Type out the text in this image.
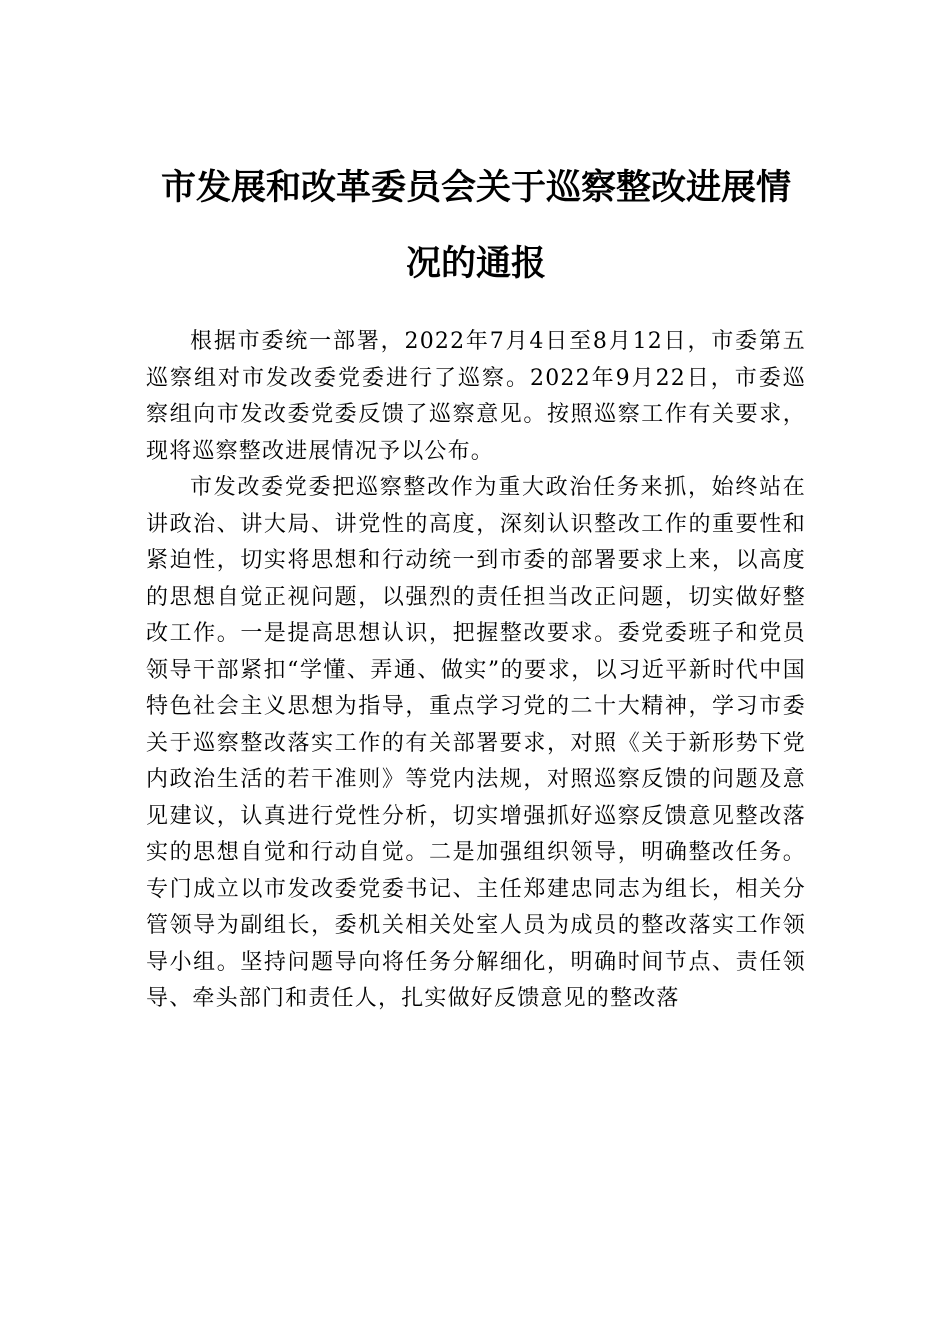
市发展和改革委员会关于巡察整改进展情
况的通报

根据市委统一部署，2022年7月4日至8月12日，市委第五巡察组对市发改委党委进行了巡察。2022年9月22日，市委巡察组向市发改委党委反馈了巡察意见。按照巡察工作有关要求，现将巡察整改进展情况予以公布。

市发改委党委把巡察整改作为重大政治任务来抓，始终站在讲政治、讲大局、讲党性的高度，深刻认识整改工作的重要性和紧迫性，切实将思想和行动统一到市委的部署要求上来，以高度的思想自觉正视问题，以强烈的责任担当改正问题，切实做好整改工作。一是提高思想认识，把握整改要求。委党委班子和党员领导干部紧扣“学懂、弄通、做实”的要求，以习近平新时代中国特色社会主义思想为指导，重点学习党的二十大精神，学习市委关于巡察整改落实工作的有关部署要求，对照《关于新形势下党内政治生活的若干准则》等党内法规，对照巡察反馈的问题及意见建议，认真进行党性分析，切实增强抓好巡察反馈意见整改落实的思想自觉和行动自觉。二是加强组织领导，明确整改任务。专门成立以市发改委党委书记、主任郑建忠同志为组长，相关分管领导为副组长，委机关相关处室人员为成员的整改落实工作领导小组。坚持问题导向将任务分解细化，明确时间节点、责任领导、牵头部门和责任人，扎实做好反馈意见的整改落
